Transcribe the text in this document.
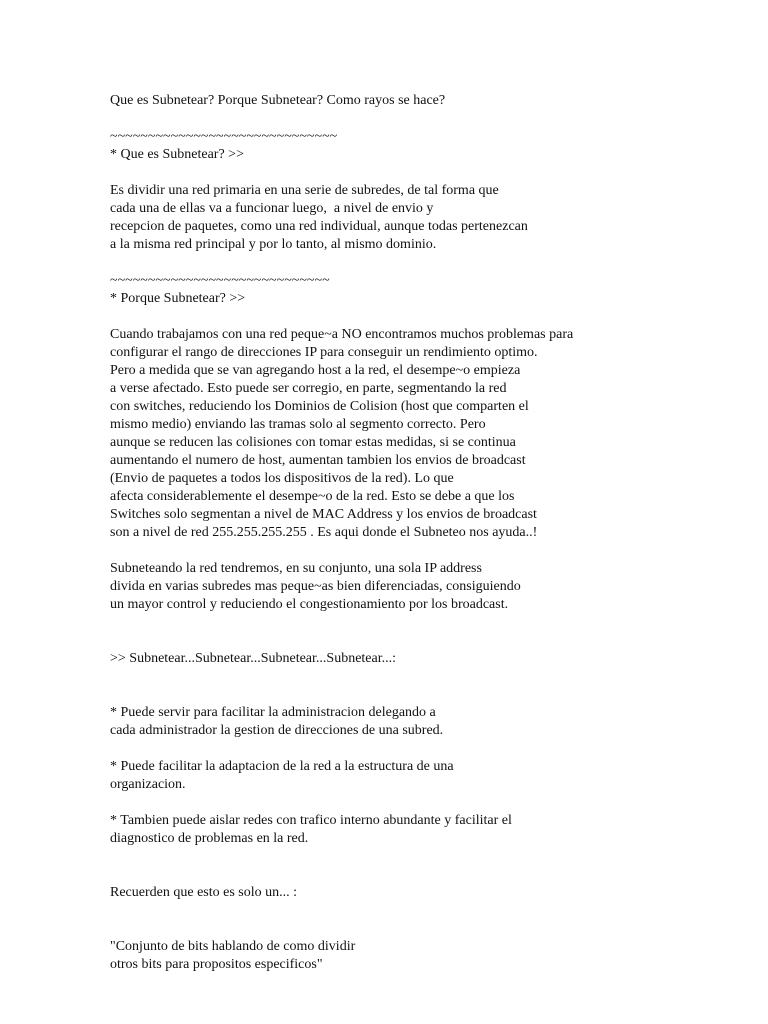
Que es Subnetear? Porque Subnetear? Como rayos se hace?
~~~~~~~~~~~~~~~~~~~~~~~~~~~~~~
* Que es Subnetear? >>
Es dividir una red primaria en una serie de subredes, de tal forma que
cada una de ellas va a funcionar luego,  a nivel de envio y
recepcion de paquetes, como una red individual, aunque todas pertenezcan
a la misma red principal y por lo tanto, al mismo dominio.
~~~~~~~~~~~~~~~~~~~~~~~~~~~~~
* Porque Subnetear? >>
Cuando trabajamos con una red peque~a NO encontramos muchos problemas para
configurar el rango de direcciones IP para conseguir un rendimiento optimo.
Pero a medida que se van agregando host a la red, el desempe~o empieza
a verse afectado. Esto puede ser corregio, en parte, segmentando la red
con switches, reduciendo los Dominios de Colision (host que comparten el
mismo medio) enviando las tramas solo al segmento correcto. Pero
aunque se reducen las colisiones con tomar estas medidas, si se continua
aumentando el numero de host, aumentan tambien los envios de broadcast
(Envio de paquetes a todos los dispositivos de la red). Lo que
afecta considerablemente el desempe~o de la red. Esto se debe a que los
Switches solo segmentan a nivel de MAC Address y los envios de broadcast
son a nivel de red 255.255.255.255 . Es aqui donde el Subneteo nos ayuda..!
Subneteando la red tendremos, en su conjunto, una sola IP address
divida en varias subredes mas peque~as bien diferenciadas, consiguiendo
un mayor control y reduciendo el congestionamiento por los broadcast.
>> Subnetear...Subnetear...Subnetear...Subnetear...:
* Puede servir para facilitar la administracion delegando a
cada administrador la gestion de direcciones de una subred.
* Puede facilitar la adaptacion de la red a la estructura de una
organizacion.
* Tambien puede aislar redes con trafico interno abundante y facilitar el
diagnostico de problemas en la red.
Recuerden que esto es solo un... :
"Conjunto de bits hablando de como dividir
otros bits para propositos especificos"
